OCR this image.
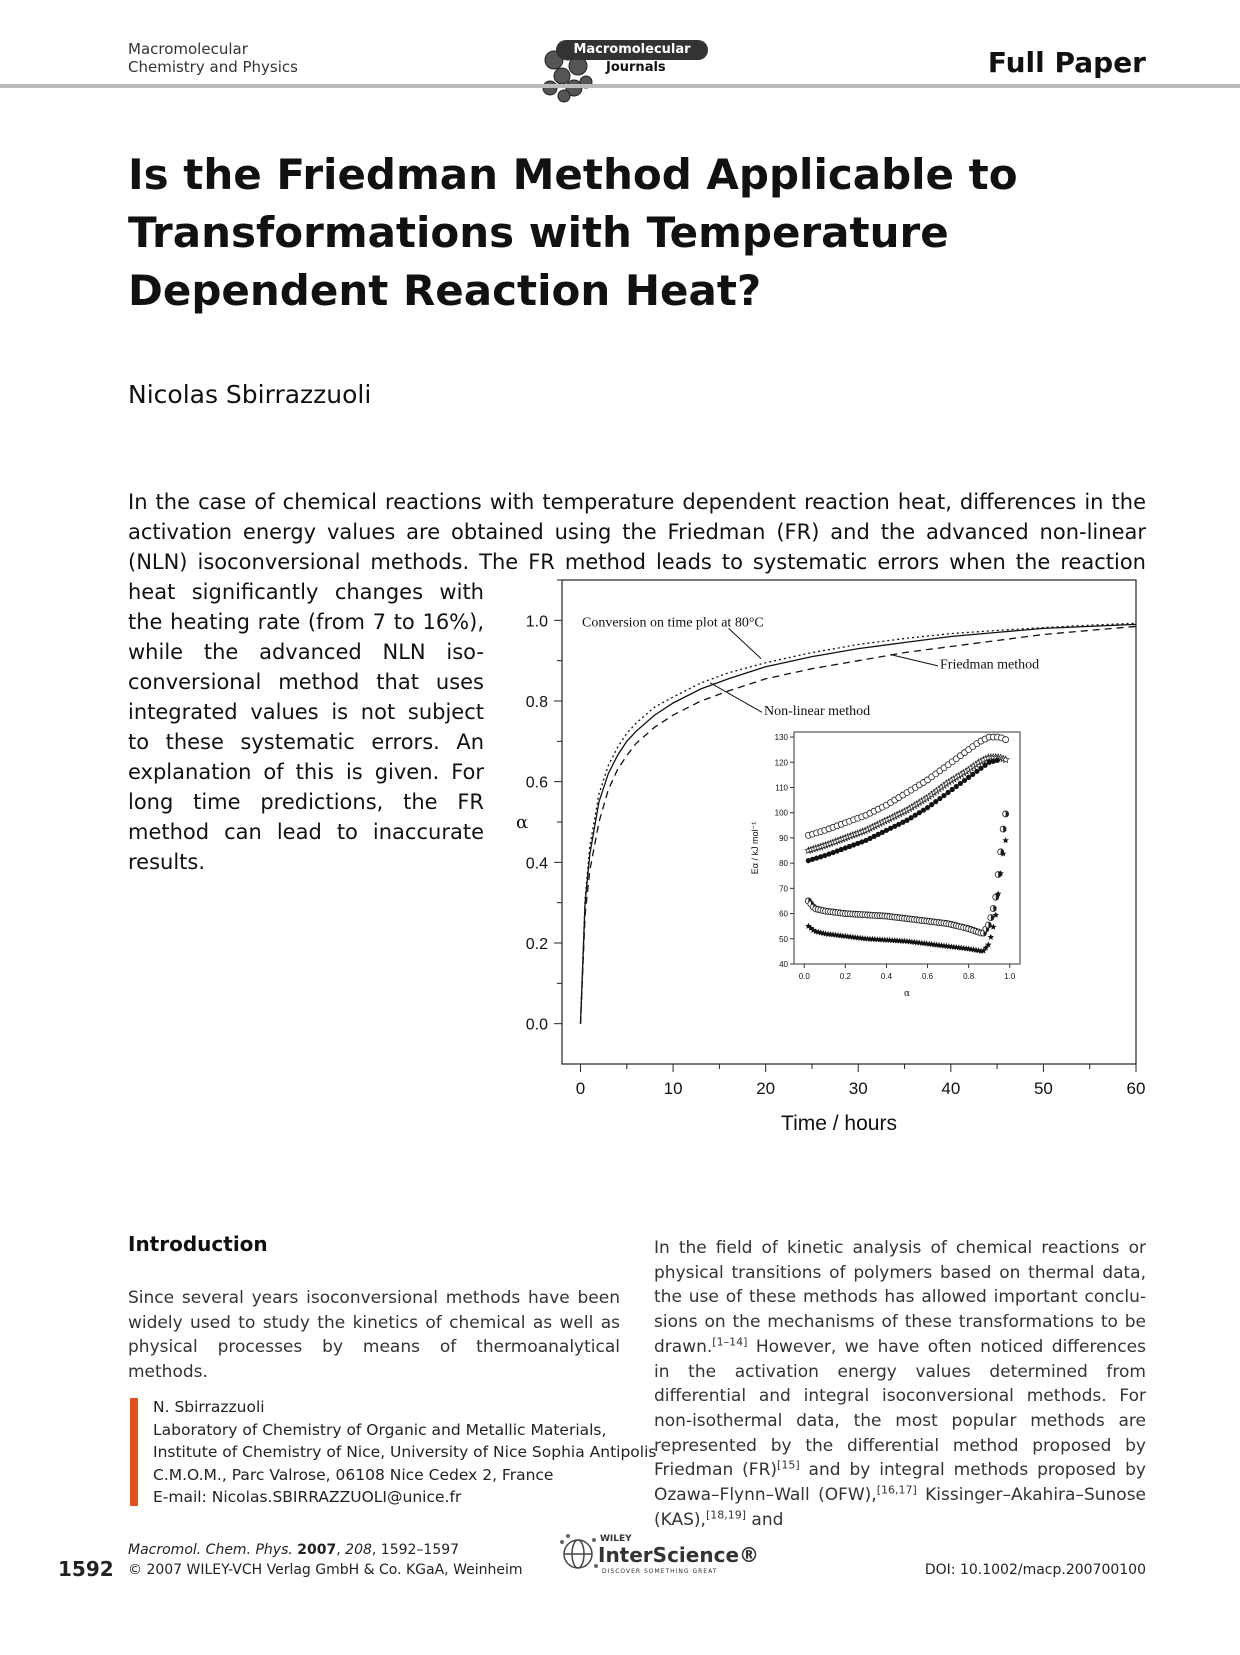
Macromolecular
Chemistry and Physics
Macromolecular
Journals	Full Paper
Is the Friedman Method Applicable to Transformations with Temperature Dependent Reaction Heat?
Nicolas Sbirrazzuoli
In the case of chemical reactions with temperature dependent reaction heat, differences in the activation energy values are obtained using the Friedman (FR) and the advanced non-linear (NLN) isoconversional methods. The FR method leads to systematic errors when the reaction
heat significantly changes with the heating rate (from 7 to 16%), while the advanced NLN iso-conversional method that uses integrated values is not subject to these systematic errors. An explanation of this is given. For long time predictions, the FR method can lead to inaccurate results.
0	10	20	30	40	50	60
0.0
0.2
0.4
0.6
0.8
1.0
Time / hours
α
Conversion on time plot at 80°C
Friedman method
Non-linear method
0.0	0.2	0.4	0.6	0.8	1.0
40
50
60
70
80
90
100
110
120
130
α
Eα / kJ mol⁻¹
Introduction
Since several years isoconversional methods have been widely used to study the kinetics of chemical as well as physical processes by means of thermoanalytical methods.
In the field of kinetic analysis of chemical reactions or physical transitions of polymers based on thermal data, the use of these methods has allowed important conclu-sions on the mechanisms of these transformations to be drawn.[1–14] However, we have often noticed differences in the activation energy values determined from differential and integral isoconversional methods. For non-isothermal data, the most popular methods are represented by the differential method proposed by Friedman (FR)[15] and by integral methods proposed by Ozawa–Flynn–Wall (OFW),[16,17] Kissinger–Akahira–Sunose (KAS),[18,19] and
N. Sbirrazzuoli
Laboratory of Chemistry of Organic and Metallic Materials,
Institute of Chemistry of Nice, University of Nice Sophia Antipolis
C.M.O.M., Parc Valrose, 06108 Nice Cedex 2, France
E-mail: Nicolas.SBIRRAZZUOLI@unice.fr
1592
Macromol. Chem. Phys. 2007, 208, 1592–1597
© 2007 WILEY-VCH Verlag GmbH & Co. KGaA, Weinheim
WILEY
InterScience®
DISCOVER SOMETHING GREAT	DOI: 10.1002/macp.200700100
